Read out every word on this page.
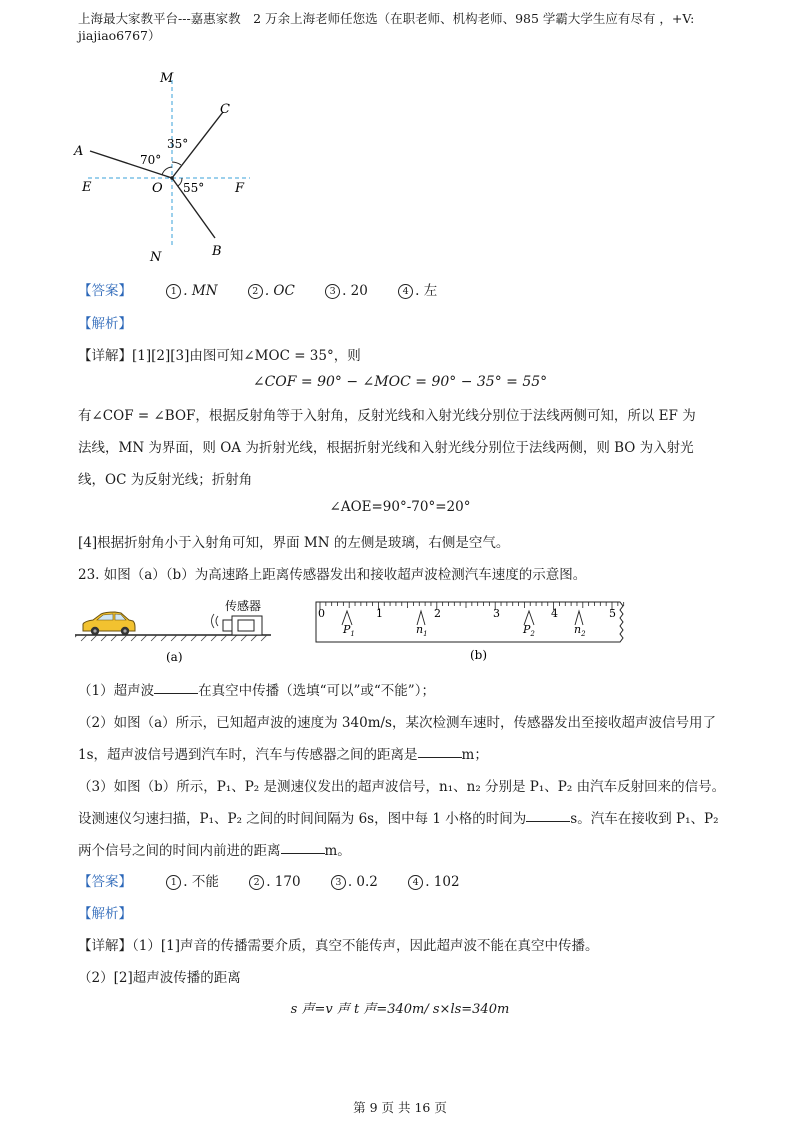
上海最大家教平台---嘉惠家教　2 万余上海老师任您选（在职老师、机构老师、985 学霸大学生应有尽有 ，+V: jiajiao6767）
M
C
A
E	O	F
N	B
35°
70°
55°
【答案】	1 . MN	2 . OC	3 . 20	4 . 左
【解析】
【详解】[1][2][3]由图可知∠MOC = 35°，则
∠COF = 90° − ∠MOC = 90° − 35° = 55°
有∠COF = ∠BOF，根据反射角等于入射角，反射光线和入射光线分别位于法线两侧可知，所以 EF 为
法线，MN 为界面，则 OA 为折射光线，根据折射光线和入射光线分别位于法线两侧，则 BO 为入射光
线，OC 为反射光线；折射角
∠AOE=90°-70°=20°
[4]根据折射角小于入射角可知，界面 MN 的左侧是玻璃，右侧是空气。
23. 如图（a）（b）为高速路上距离传感器发出和接收超声波检测汽车速度的示意图。
传感器
(a)
0	1	2	3	4	5
$P_1$	$n_1$	$P_2$	$n_2$
(b)
（1）超声波	在真空中传播（选填“可以”或“不能”）；
（2）如图（a）所示，已知超声波的速度为 340m/s，某次检测车速时，传感器发出至接收超声波信号用了
1s，超声波信号遇到汽车时，汽车与传感器之间的距离是	m；
（3）如图（b）所示，P₁、P₂ 是测速仪发出的超声波信号，n₁、n₂ 分别是 P₁、P₂ 由汽车反射回来的信号。
设测速仪匀速扫描，P₁、P₂ 之间的时间间隔为 6s，图中每 1 小格的时间为	s。汽车在接收到 P₁、P₂
两个信号之间的时间内前进的距离	m。
【答案】	1 . 不能	2 . 170	3 . 0.2	4 . 102
【解析】
【详解】（1）[1]声音的传播需要介质，真空不能传声，因此超声波不能在真空中传播。
（2）[2]超声波传播的距离
s 声=v 声 t 声=340m/ s×ls=340m
第 9 页 共 16 页
